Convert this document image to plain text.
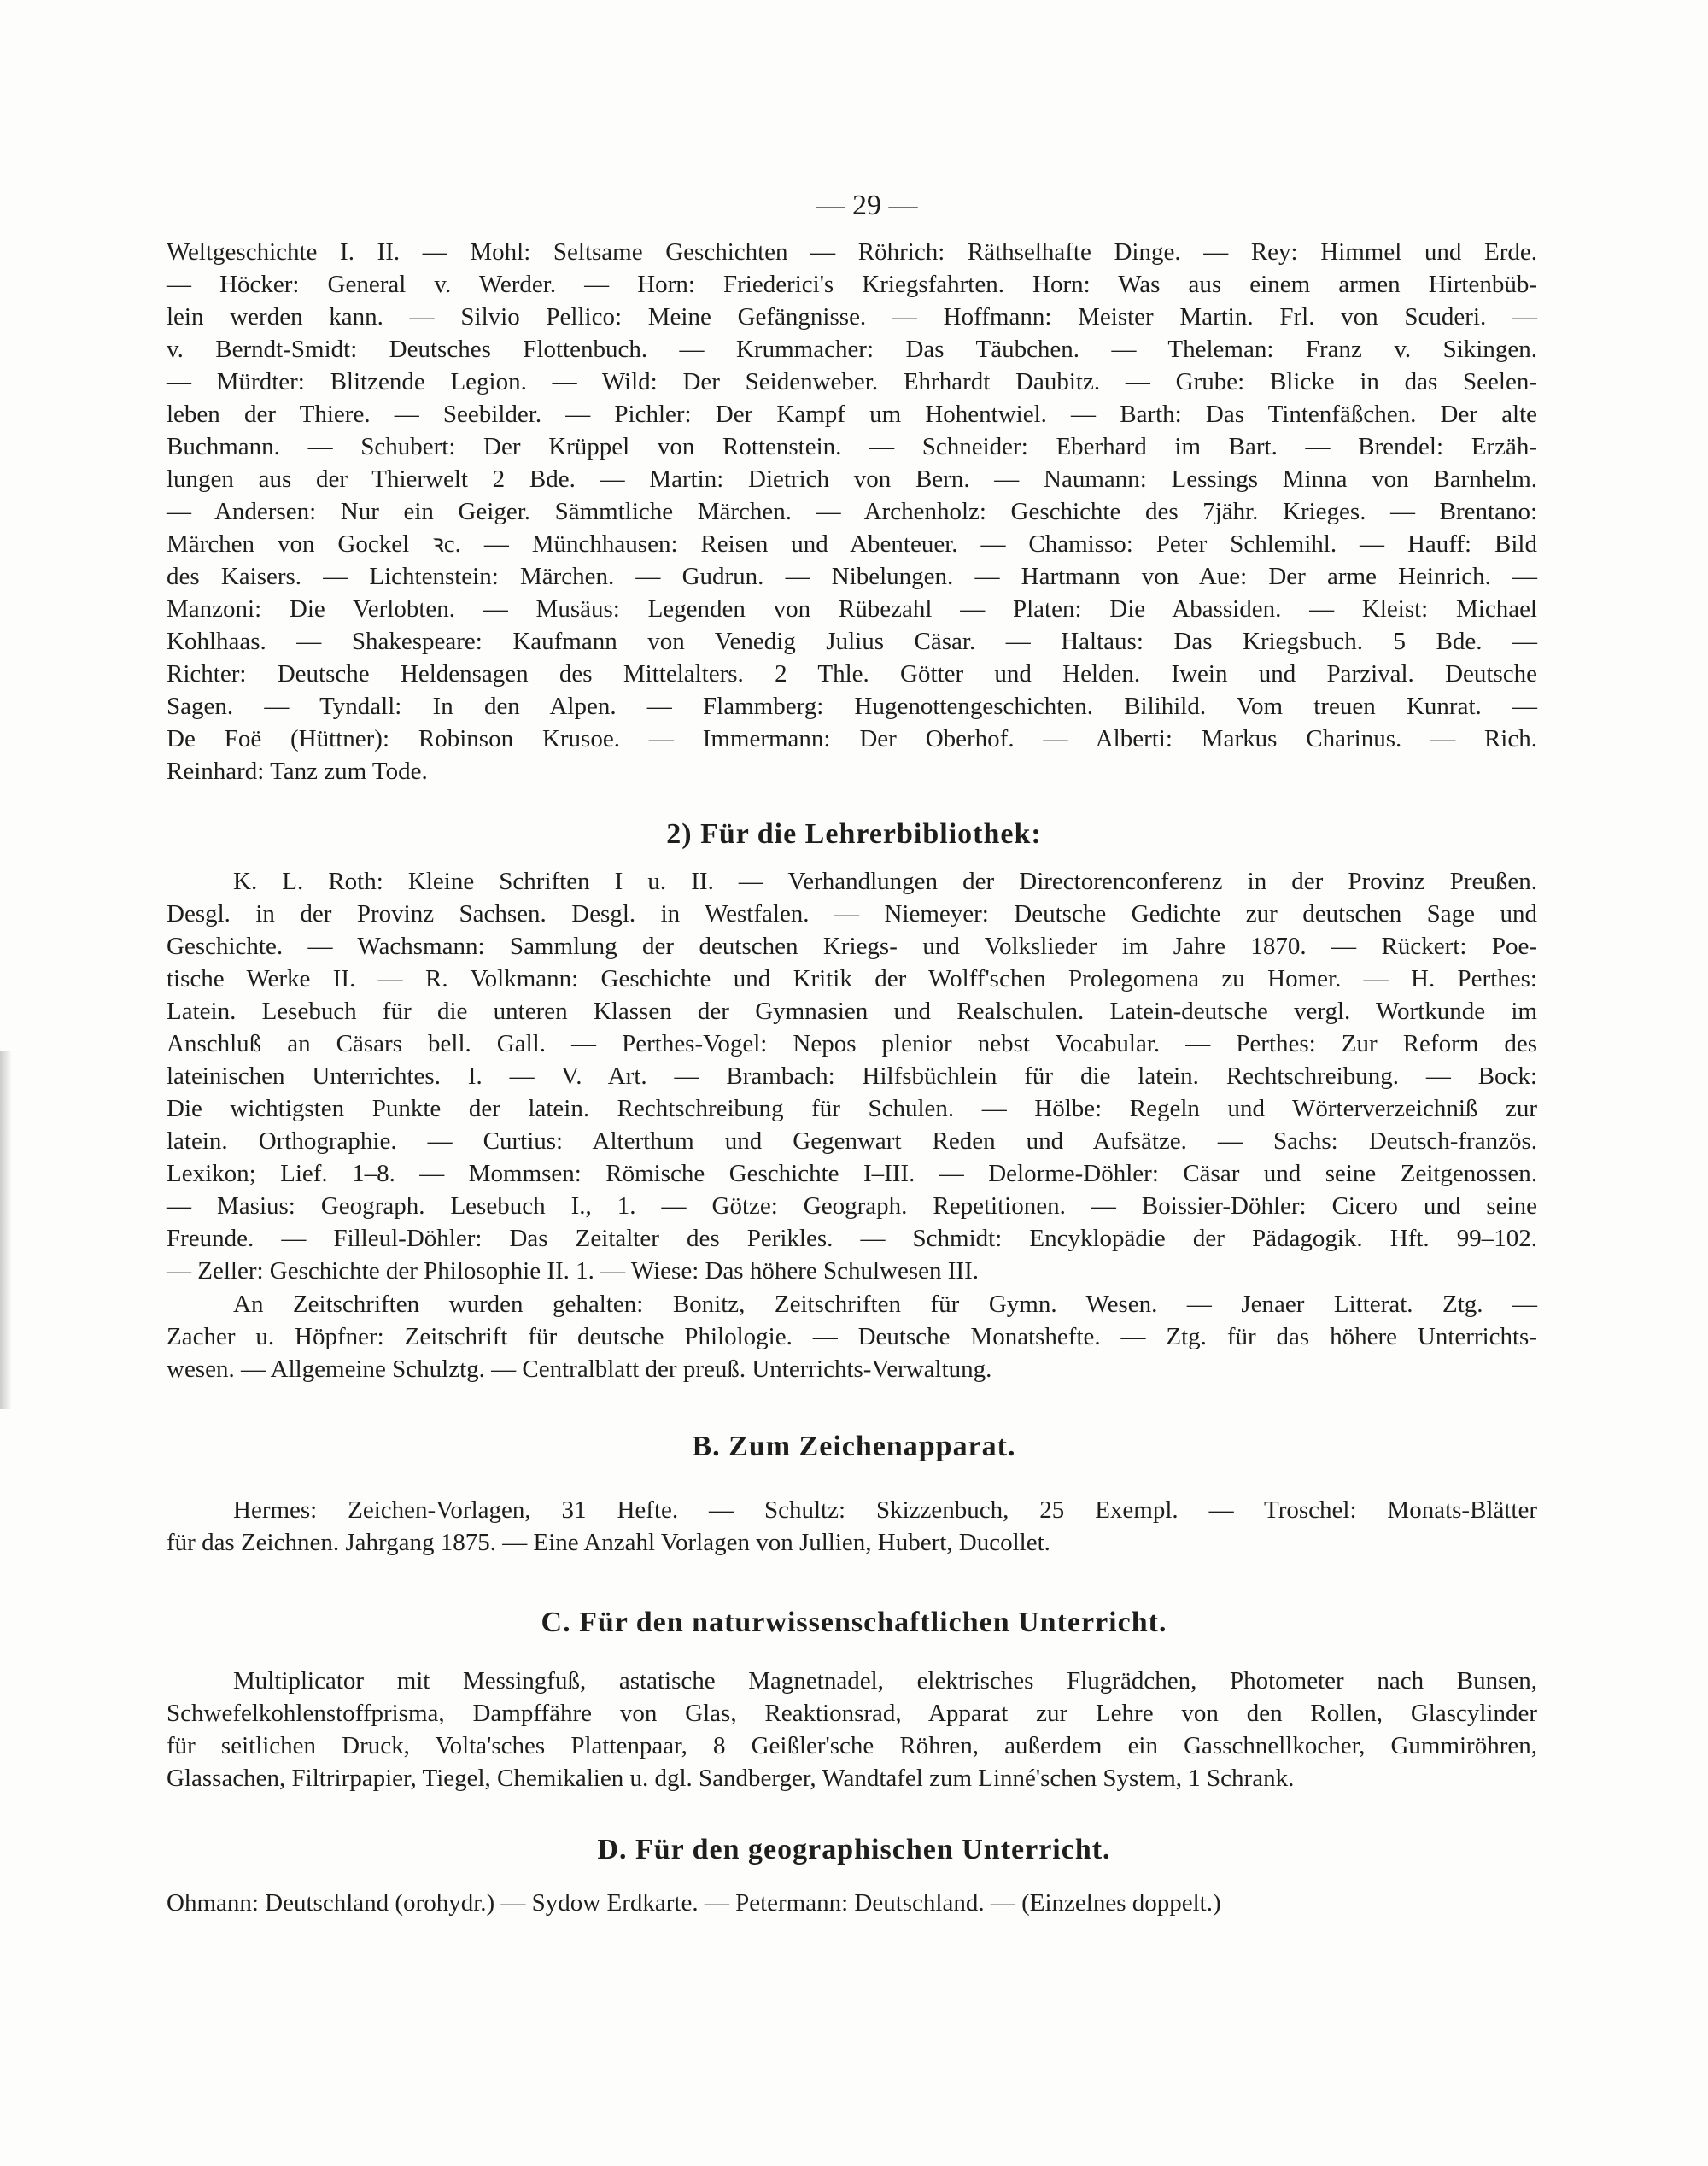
— 29 —
Weltgeschichte I. II. — Mohl: Seltsame Geschichten — Röhrich: Räthselhafte Dinge. — Rey: Himmel und Erde.
— Höcker: General v. Werder. — Horn: Friederici's Kriegsfahrten. Horn: Was aus einem armen Hirtenbüb-
lein werden kann. — Silvio Pellico: Meine Gefängnisse. — Hoffmann: Meister Martin. Frl. von Scuderi. —
v. Berndt-Smidt: Deutsches Flottenbuch. — Krummacher: Das Täubchen. — Theleman: Franz v. Sikingen.
— Mürdter: Blitzende Legion. — Wild: Der Seidenweber. Ehrhardt Daubitz. — Grube: Blicke in das Seelen-
leben der Thiere. — Seebilder. — Pichler: Der Kampf um Hohentwiel. — Barth: Das Tintenfäßchen. Der alte
Buchmann. — Schubert: Der Krüppel von Rottenstein. — Schneider: Eberhard im Bart. — Brendel: Erzäh-
lungen aus der Thierwelt 2 Bde. — Martin: Dietrich von Bern. — Naumann: Lessings Minna von Barnhelm.
— Andersen: Nur ein Geiger. Sämmtliche Märchen. — Archenholz: Geschichte des 7jähr. Krieges. — Brentano:
Märchen von Gockel ꝛc. — Münchhausen: Reisen und Abenteuer. — Chamisso: Peter Schlemihl. — Hauff: Bild
des Kaisers. — Lichtenstein: Märchen. — Gudrun. — Nibelungen. — Hartmann von Aue: Der arme Heinrich. —
Manzoni: Die Verlobten. — Musäus: Legenden von Rübezahl — Platen: Die Abassiden. — Kleist: Michael
Kohlhaas. — Shakespeare: Kaufmann von Venedig Julius Cäsar. — Haltaus: Das Kriegsbuch. 5 Bde. —
Richter: Deutsche Heldensagen des Mittelalters. 2 Thle. Götter und Helden. Iwein und Parzival. Deutsche
Sagen. — Tyndall: In den Alpen. — Flammberg: Hugenottengeschichten. Bilihild. Vom treuen Kunrat. —
De Foë (Hüttner): Robinson Krusoe. — Immermann: Der Oberhof. — Alberti: Markus Charinus. — Rich.
Reinhard: Tanz zum Tode.
2) Für die Lehrerbibliothek:
K. L. Roth: Kleine Schriften I u. II. — Verhandlungen der Directorenconferenz in der Provinz Preußen.
Desgl. in der Provinz Sachsen. Desgl. in Westfalen. — Niemeyer: Deutsche Gedichte zur deutschen Sage und
Geschichte. — Wachsmann: Sammlung der deutschen Kriegs- und Volkslieder im Jahre 1870. — Rückert: Poe-
tische Werke II. — R. Volkmann: Geschichte und Kritik der Wolff'schen Prolegomena zu Homer. — H. Perthes:
Latein. Lesebuch für die unteren Klassen der Gymnasien und Realschulen. Latein-deutsche vergl. Wortkunde im
Anschluß an Cäsars bell. Gall. — Perthes-Vogel: Nepos plenior nebst Vocabular. — Perthes: Zur Reform des
lateinischen Unterrichtes. I. — V. Art. — Brambach: Hilfsbüchlein für die latein. Rechtschreibung. — Bock:
Die wichtigsten Punkte der latein. Rechtschreibung für Schulen. — Hölbe: Regeln und Wörterverzeichniß zur
latein. Orthographie. — Curtius: Alterthum und Gegenwart Reden und Aufsätze. — Sachs: Deutsch-französ.
Lexikon; Lief. 1–8. — Mommsen: Römische Geschichte I–III. — Delorme-Döhler: Cäsar und seine Zeitgenossen.
— Masius: Geograph. Lesebuch I., 1. — Götze: Geograph. Repetitionen. — Boissier-Döhler: Cicero und seine
Freunde. — Filleul-Döhler: Das Zeitalter des Perikles. — Schmidt: Encyklopädie der Pädagogik. Hft. 99–102.
— Zeller: Geschichte der Philosophie II. 1. — Wiese: Das höhere Schulwesen III.
An Zeitschriften wurden gehalten: Bonitz, Zeitschriften für Gymn. Wesen. — Jenaer Litterat. Ztg. —
Zacher u. Höpfner: Zeitschrift für deutsche Philologie. — Deutsche Monatshefte. — Ztg. für das höhere Unterrichts-
wesen. — Allgemeine Schulztg. — Centralblatt der preuß. Unterrichts-Verwaltung.
B. Zum Zeichenapparat.
Hermes: Zeichen-Vorlagen, 31 Hefte. — Schultz: Skizzenbuch, 25 Exempl. — Troschel: Monats-Blätter
für das Zeichnen. Jahrgang 1875. — Eine Anzahl Vorlagen von Jullien, Hubert, Ducollet.
C. Für den naturwissenschaftlichen Unterricht.
Multiplicator mit Messingfuß, astatische Magnetnadel, elektrisches Flugrädchen, Photometer nach Bunsen,
Schwefelkohlenstoffprisma, Dampffähre von Glas, Reaktionsrad, Apparat zur Lehre von den Rollen, Glascylinder
für seitlichen Druck, Volta'sches Plattenpaar, 8 Geißler'sche Röhren, außerdem ein Gasschnellkocher, Gummiröhren,
Glassachen, Filtrirpapier, Tiegel, Chemikalien u. dgl. Sandberger, Wandtafel zum Linné'schen System, 1 Schrank.
D. Für den geographischen Unterricht.
Ohmann: Deutschland (orohydr.) — Sydow Erdkarte. — Petermann: Deutschland. — (Einzelnes doppelt.)
